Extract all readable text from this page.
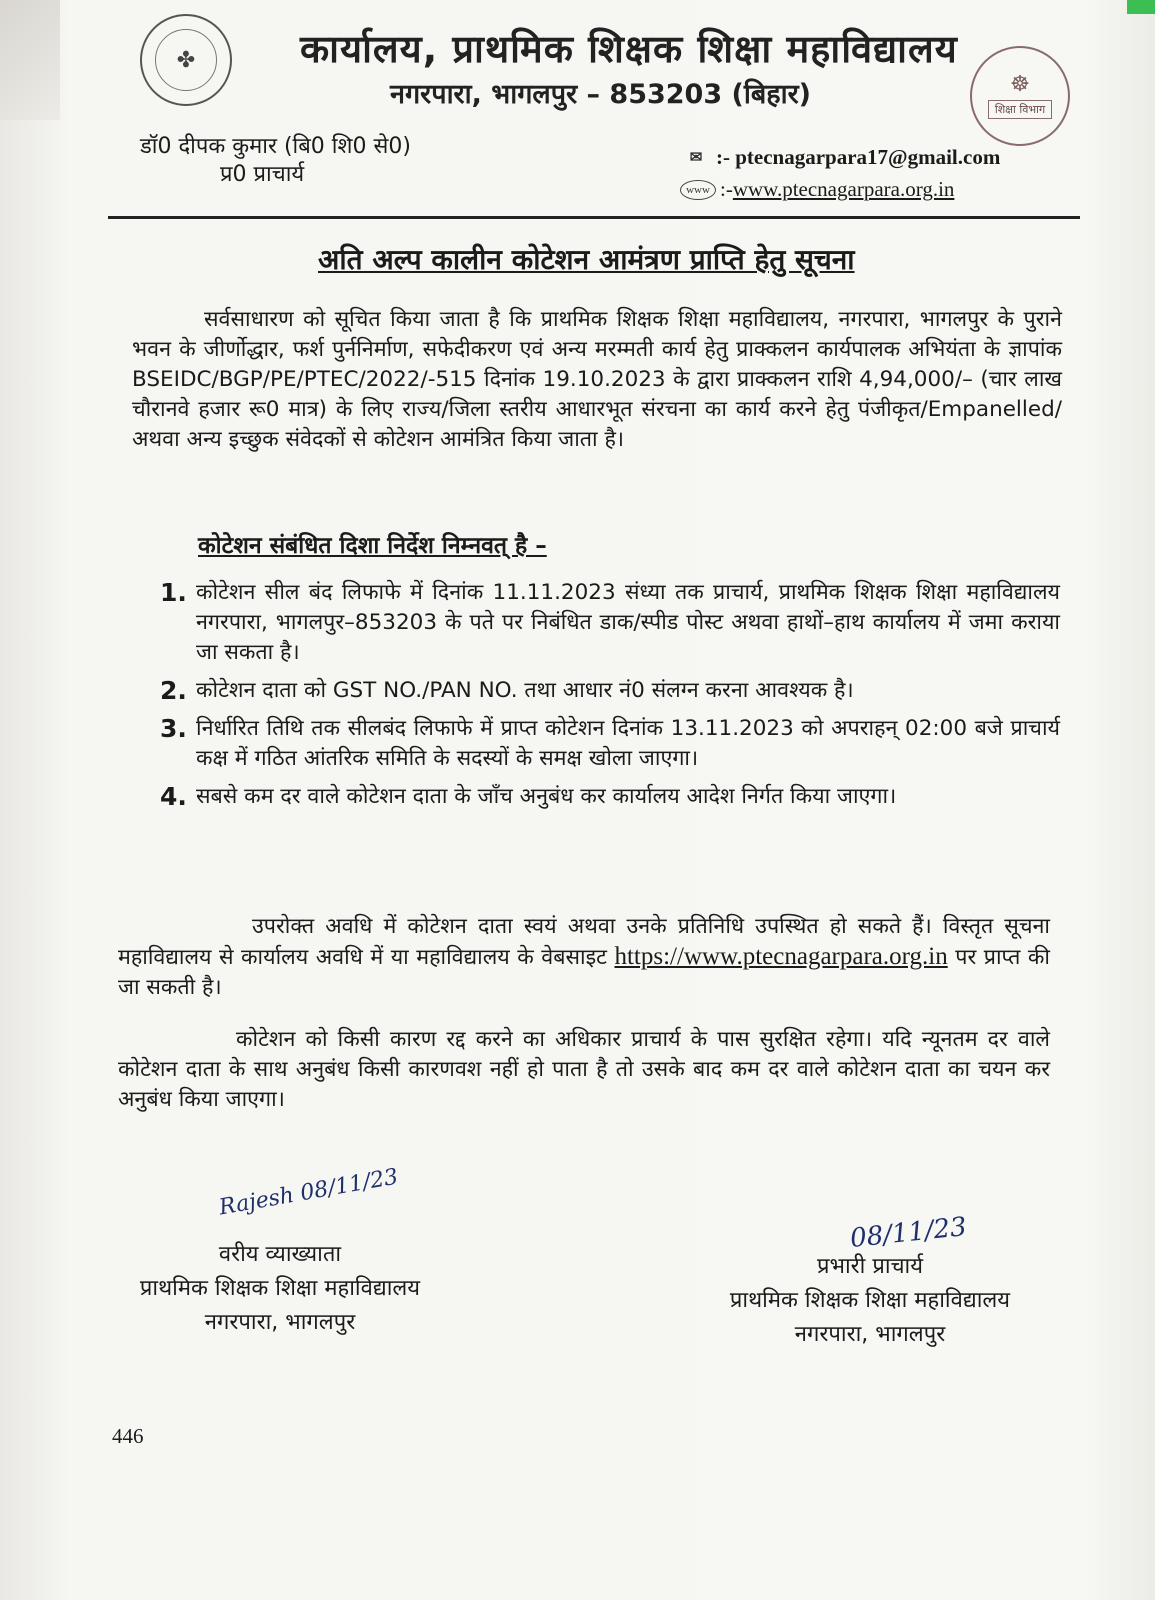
✤	कार्यालय, प्राथमिक शिक्षक शिक्षा महाविद्यालय
नगरपारा, भागलपुर – 853203 (बिहार)	☸
शिक्षा विभाग
डॉ0 दीपक कुमार (बि0 शि0 से0)
प्र0 प्राचार्य
✉ :- ptecnagarpara17@gmail.com
www :- www.ptecnagarpara.org.in
अति अल्प कालीन कोटेशन आमंत्रण प्राप्ति हेतु सूचना
सर्वसाधारण को सूचित किया जाता है कि प्राथमिक शिक्षक शिक्षा महाविद्यालय, नगरपारा, भागलपुर के पुराने भवन के जीर्णोद्धार, फर्श पुर्ननिर्माण, सफेदीकरण एवं अन्य मरम्मती कार्य हेतु प्राक्कलन कार्यपालक अभियंता के ज्ञापांक BSEIDC/BGP/PE/PTEC/2022/-515 दिनांक 19.10.2023 के द्वारा प्राक्कलन राशि 4,94,000/– (चार लाख चौरानवे हजार रू0 मात्र) के लिए राज्य/जिला स्तरीय आधारभूत संरचना का कार्य करने हेतु पंजीकृत/Empanelled/ अथवा अन्य इच्छुक संवेदकों से कोटेशन आमंत्रित किया जाता है।
कोटेशन संबंधित दिशा निर्देश निम्नवत् है –
1. कोटेशन सील बंद लिफाफे में दिनांक 11.11.2023 संध्या तक प्राचार्य, प्राथमिक शिक्षक शिक्षा महाविद्यालय नगरपारा, भागलपुर–853203 के पते पर निबंधित डाक/स्पीड पोस्ट अथवा हाथों–हाथ कार्यालय में जमा कराया जा सकता है।
2. कोटेशन दाता को GST NO./PAN NO. तथा आधार नं0 संलग्न करना आवश्यक है।
3. निर्धारित तिथि तक सीलबंद लिफाफे में प्राप्त कोटेशन दिनांक 13.11.2023 को अपराहन् 02:00 बजे प्राचार्य कक्ष में गठित आंतरिक समिति के सदस्यों के समक्ष खोला जाएगा।
4. सबसे कम दर वाले कोटेशन दाता के जाँच अनुबंध कर कार्यालय आदेश निर्गत किया जाएगा।
उपरोक्त अवधि में कोटेशन दाता स्वयं अथवा उनके प्रतिनिधि उपस्थित हो सकते हैं। विस्तृत सूचना महाविद्यालय से कार्यालय अवधि में या महाविद्यालय के वेबसाइट https://www.ptecnagarpara.org.in पर प्राप्त की जा सकती है।
कोटेशन को किसी कारण रद्द करने का अधिकार प्राचार्य के पास सुरक्षित रहेगा। यदि न्यूनतम दर वाले कोटेशन दाता के साथ अनुबंध किसी कारणवश नहीं हो पाता है तो उसके बाद कम दर वाले कोटेशन दाता का चयन कर अनुबंध किया जाएगा।
Rajesh 08/11/23
वरीय व्याख्याता
प्राथमिक शिक्षक शिक्षा महाविद्यालय
नगरपारा, भागलपुर
08/11/23
प्रभारी प्राचार्य
प्राथमिक शिक्षक शिक्षा महाविद्यालय
नगरपारा, भागलपुर
446
